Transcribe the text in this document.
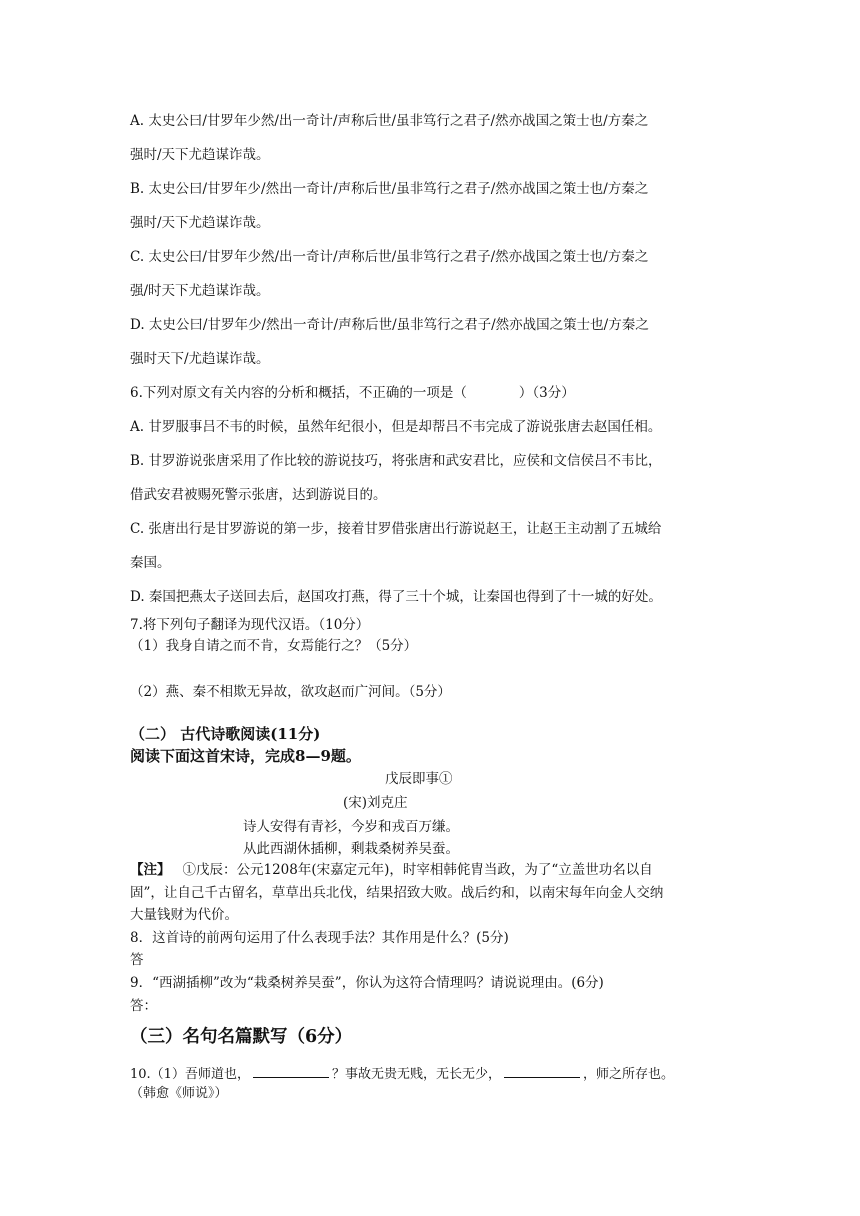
A. 太史公曰/甘罗年少然/出一奇计/声称后世/虽非笃行之君子/然亦战国之策士也/方秦之
强时/天下尤趋谋诈哉。
B. 太史公曰/甘罗年少/然出一奇计/声称后世/虽非笃行之君子/然亦战国之策士也/方秦之
强时/天下尤趋谋诈哉。
C. 太史公曰/甘罗年少然/出一奇计/声称后世/虽非笃行之君子/然亦战国之策士也/方秦之
强/时天下尤趋谋诈哉。
D. 太史公曰/甘罗年少/然出一奇计/声称后世/虽非笃行之君子/然亦战国之策士也/方秦之
强时天下/尤趋谋诈哉。
6.下列对原文有关内容的分析和概括，不正确的一项是（	）（3分）
A. 甘罗服事吕不韦的时候，虽然年纪很小，但是却帮吕不韦完成了游说张唐去赵国任相。
B. 甘罗游说张唐采用了作比较的游说技巧，将张唐和武安君比，应侯和文信侯吕不韦比，
借武安君被赐死警示张唐，达到游说目的。
C. 张唐出行是甘罗游说的第一步，接着甘罗借张唐出行游说赵王，让赵王主动割了五城给
秦国。
D. 秦国把燕太子送回去后，赵国攻打燕，得了三十个城，让秦国也得到了十一城的好处。
7.将下列句子翻译为现代汉语。（10分）
（1）我身自请之而不肯，女焉能行之？（5分）
（2）燕、秦不相欺无异故，欲攻赵而广河间。（5分）
（二） 古代诗歌阅读(11分)
阅读下面这首宋诗，完成8—9题。
戊辰即事①
(宋)刘克庄
诗人安得有青衫，今岁和戎百万缣。
从此西湖休插柳，剩栽桑树养吴蚕。
【注】 ①戊辰：公元1208年(宋嘉定元年)，时宰相韩侂胄当政，为了“立盖世功名以自
固”，让自己千古留名，草草出兵北伐，结果招致大败。战后约和，以南宋每年向金人交纳
大量钱财为代价。
8．这首诗的前两句运用了什么表现手法？其作用是什么？(5分)
答
9．“西湖插柳”改为“栽桑树养吴蚕”，你认为这符合情理吗？请说说理由。(6分)
答：
（三）名句名篇默写（6分）
10.（1）吾师道也，	？事故无贵无贱，无长无少，	，师之所存也。
（韩愈《师说》）
